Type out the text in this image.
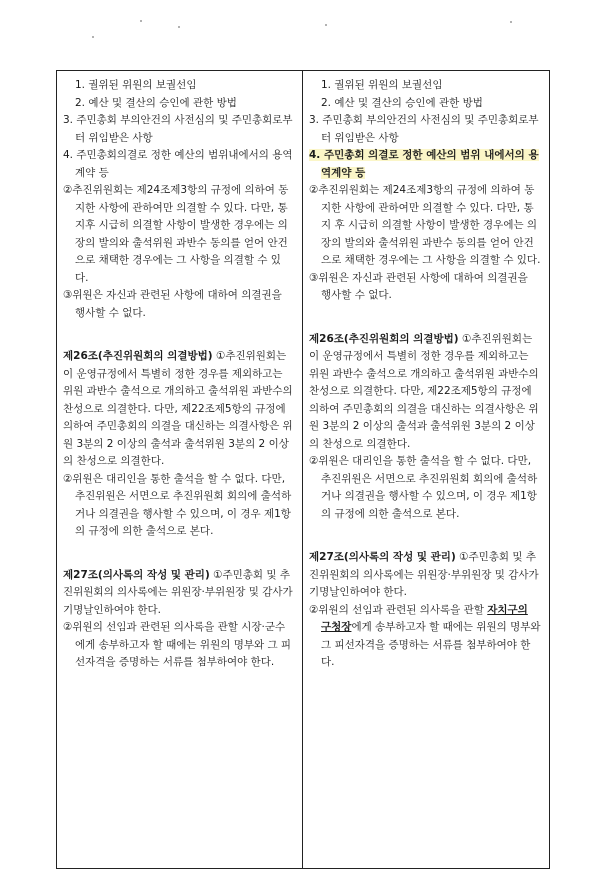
1. 궐위된 위원의 보궐선임

2. 예산 및 결산의 승인에 관한 방법

3. 주민총회 부의안건의 사전심의 및 주민총회로부터 위임받은 사항

4. 주민총회의결로 정한 예산의 범위내에서의 용역계약 등

②추진위원회는 제24조제3항의 규정에 의하여 동지한 사항에 관하여만 의결할 수 있다. 다만, 통지후 시급히 의결할 사항이 발생한 경우에는 의장의 발의와 출석위원 과반수 동의를 얻어 안건으로 채택한 경우에는 그 사항을 의결할 수 있다.

③위원은 자신과 관련된 사항에 대하여 의결권을 행사할 수 없다.

제26조(추진위원회의 의결방법) ①추진위원회는 이 운영규정에서 특별히 정한 경우를 제외하고는 위원 과반수 출석으로 개의하고 출석위원 과반수의 찬성으로 의결한다. 다만, 제22조제5항의 규정에 의하여 주민총회의 의결을 대신하는 의결사항은 위원 3분의 2 이상의 출석과 출석위원 3분의 2 이상의 찬성으로 의결한다.

②위원은 대리인을 통한 출석을 할 수 없다. 다만, 추진위원은 서면으로 추진위원회 회의에 출석하거나 의결권을 행사할 수 있으며, 이 경우 제1항의 규정에 의한 출석으로 본다.

제27조(의사록의 작성 및 관리) ①주민총회 및 추진위원회의 의사록에는 위원장·부위원장 및 감사가 기명날인하여야 한다.

②위원의 선임과 관련된 의사록을 관할 시장·군수에게 송부하고자 할 때에는 위원의 명부와 그 피선자격을 증명하는 서류를 첨부하여야 한다.

1. 궐위된 위원의 보궐선임

2. 예산 및 결산의 승인에 관한 방법

3. 주민총회 부의안건의 사전심의 및 주민총회로부터 위임받은 사항

4. 주민총회 의결로 정한 예산의 범위 내에서의 용역계약 등

②추진위원회는 제24조제3항의 규정에 의하여 동지한 사항에 관하여만 의결할 수 있다. 다만, 통지 후 시급히 의결할 사항이 발생한 경우에는 의장의 발의와 출석위원 과반수 동의를 얻어 안건으로 채택한 경우에는 그 사항을 의결할 수 있다.

③위원은 자신과 관련된 사항에 대하여 의결권을 행사할 수 없다.

제26조(추진위원회의 의결방법) ①추진위원회는 이 운영규정에서 특별히 정한 경우를 제외하고는 위원 과반수 출석으로 개의하고 출석위원 과반수의 찬성으로 의결한다. 다만, 제22조제5항의 규정에 의하여 주민총회의 의결을 대신하는 의결사항은 위원 3분의 2 이상의 출석과 출석위원 3분의 2 이상의 찬성으로 의결한다.

②위원은 대리인을 통한 출석을 할 수 없다. 다만, 추진위원은 서면으로 추진위원회 회의에 출석하거나 의결권을 행사할 수 있으며, 이 경우 제1항의 규정에 의한 출석으로 본다.

제27조(의사록의 작성 및 관리) ①주민총회 및 추진위원회의 의사록에는 위원장·부위원장 및 감사가 기명날인하여야 한다.

②위원의 선임과 관련된 의사록을 관할 자치구의 구청장에게 송부하고자 할 때에는 위원의 명부와 그 피선자격을 증명하는 서류를 첨부하여야 한다.
